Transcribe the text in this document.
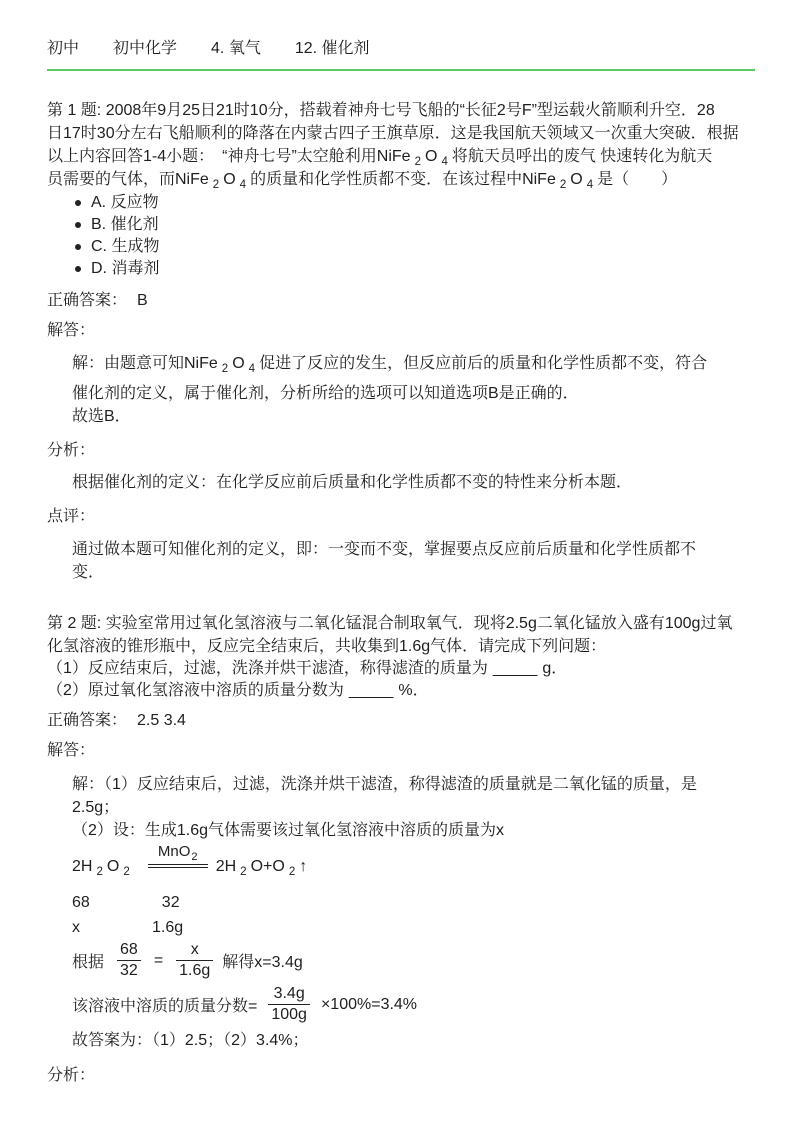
初中 初中化学 4. 氧气 12. 催化剂
第 1 题: 2008年9月25日21时10分，搭载着神舟七号飞船的“长征2号F”型运载火箭顺利升空．28
日17时30分左右飞船顺利的降落在内蒙古四子王旗草原．这是我国航天领域又一次重大突破．根据
以上内容回答1-4小题：　“神舟七号”太空舱利用NiFe $_2$ O $_4$ 将航天员呼出的废气 快速转化为航天
员需要的气体，而NiFe $_2$ O $_4$ 的质量和化学性质都不变．在该过程中NiFe $_2$ O $_4$ 是（　　）
A. 反应物
B. 催化剂
C. 生成物
D. 消毒剂
正确答案： B
解答：
解：由题意可知NiFe $_2$ O $_4$ 促进了反应的发生，但反应前后的质量和化学性质都不变，符合
催化剂的定义，属于催化剂，分析所给的选项可以知道选项B是正确的．
故选B．
分析：
根据催化剂的定义：在化学反应前后质量和化学性质都不变的特性来分析本题．
点评：
通过做本题可知催化剂的定义，即：一变而不变，掌握要点反应前后质量和化学性质都不
变．
第 2 题: 实验室常用过氧化氢溶液与二氧化锰混合制取氧气．现将2.5g二氧化锰放入盛有100g过氧
化氢溶液的锥形瓶中，反应完全结束后，共收集到1.6g气体．请完成下列问题：
（1）反应结束后，过滤，洗涤并烘干滤渣，称得滤渣的质量为 _____ g．
（2）原过氧化氢溶液中溶质的质量分数为 _____ %．
正确答案： 2.5 3.4
解答：
解：（1）反应结束后，过滤，洗涤并烘干滤渣，称得滤渣的质量就是二氧化锰的质量，是
2.5g；
（2）设：生成1.6g气体需要该过氧化氢溶液中溶质的质量为x
2H $_2$ O $_2$
MnO$_2$
2H $_2$ O+O $_2$ ↑
68	32
x	1.6g
根据 $\frac{68}{32} = \frac{x}{1.6g}$ 解得x=3.4g
该溶液中溶质的质量分数= $\frac{3.4g}{100g} \times 100\%=3.4\%$
故答案为：（1）2.5；（2）3.4%；
分析：
